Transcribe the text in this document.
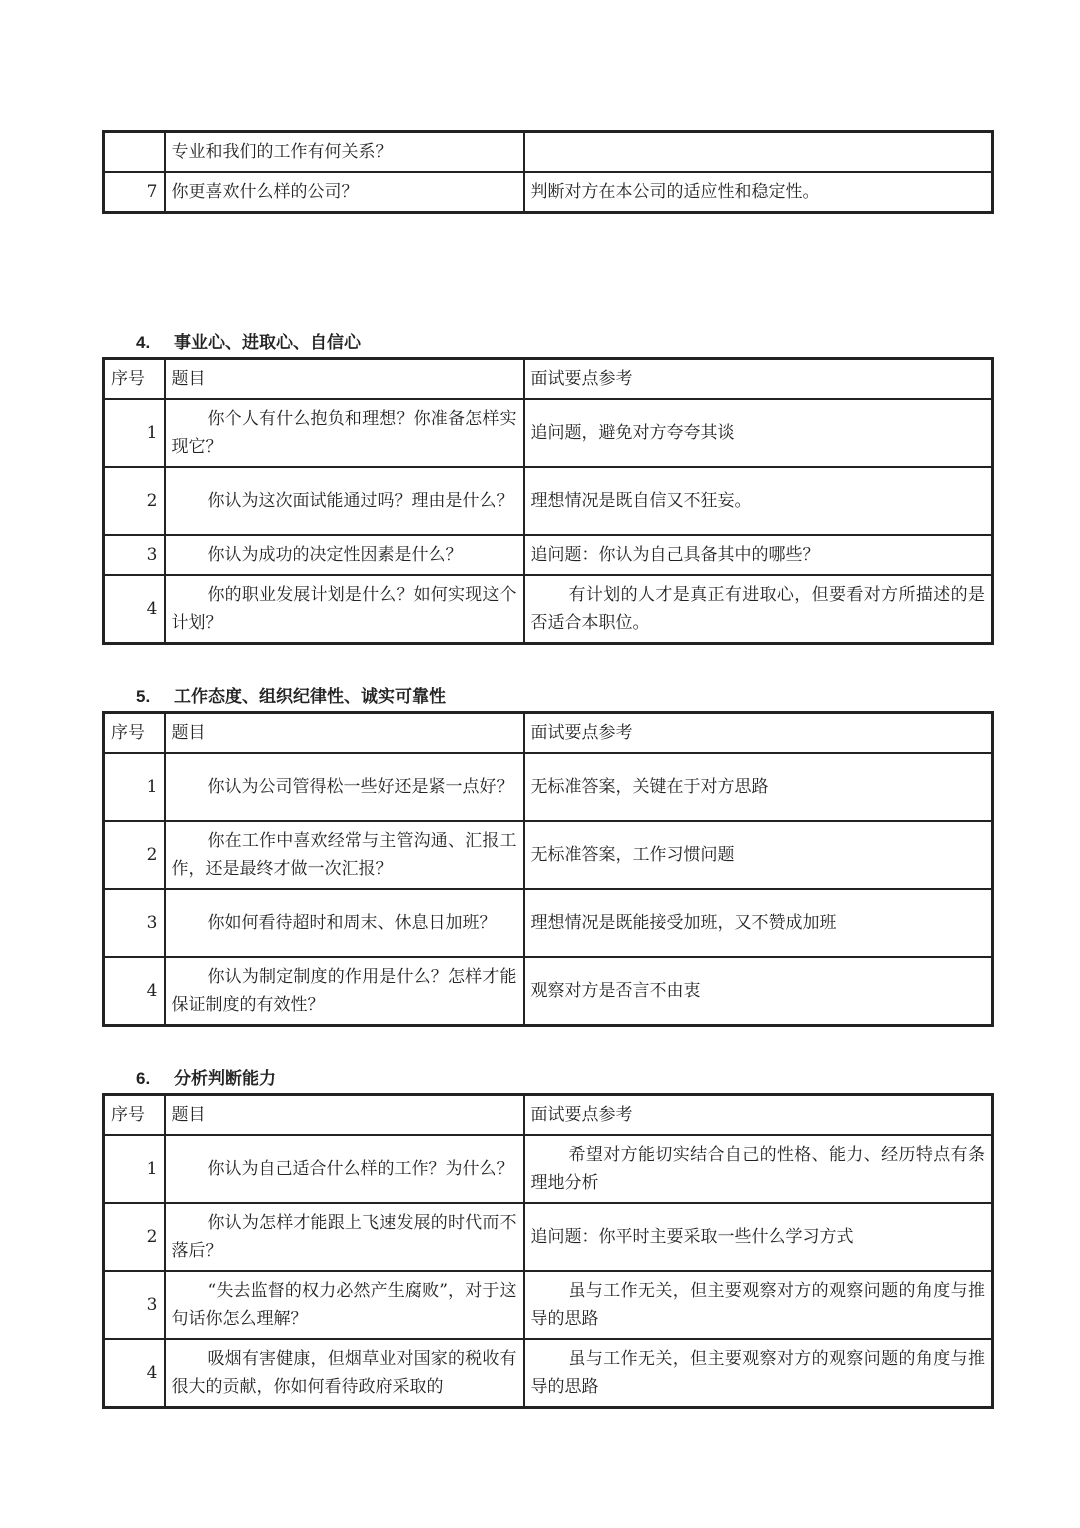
	专业和我们的工作有何关系？	
7	你更喜欢什么样的公司？	判断对方在本公司的适应性和稳定性。
4. 事业心、进取心、自信心
序号	题目	面试要点参考
1	你个人有什么抱负和理想？你准备怎样实现它？	追问题，避免对方夸夸其谈
2	你认为这次面试能通过吗？理由是什么？	理想情况是既自信又不狂妄。
3	你认为成功的决定性因素是什么？	追问题：你认为自己具备其中的哪些？
4	你的职业发展计划是什么？如何实现这个计划？	有计划的人才是真正有进取心，但要看对方所描述的是否适合本职位。
5. 工作态度、组织纪律性、诚实可靠性
序号	题目	面试要点参考
1	你认为公司管得松一些好还是紧一点好？	无标准答案，关键在于对方思路
2	你在工作中喜欢经常与主管沟通、汇报工作，还是最终才做一次汇报？	无标准答案，工作习惯问题
3	你如何看待超时和周末、休息日加班？	理想情况是既能接受加班，又不赞成加班
4	你认为制定制度的作用是什么？怎样才能保证制度的有效性？	观察对方是否言不由衷
6. 分析判断能力
序号	题目	面试要点参考
1	你认为自己适合什么样的工作？为什么？	希望对方能切实结合自己的性格、能力、经历特点有条理地分析
2	你认为怎样才能跟上飞速发展的时代而不落后？	追问题：你平时主要采取一些什么学习方式
3	“失去监督的权力必然产生腐败”，对于这句话你怎么理解？	虽与工作无关，但主要观察对方的观察问题的角度与推导的思路
4	吸烟有害健康，但烟草业对国家的税收有很大的贡献，你如何看待政府采取的	虽与工作无关，但主要观察对方的观察问题的角度与推导的思路
